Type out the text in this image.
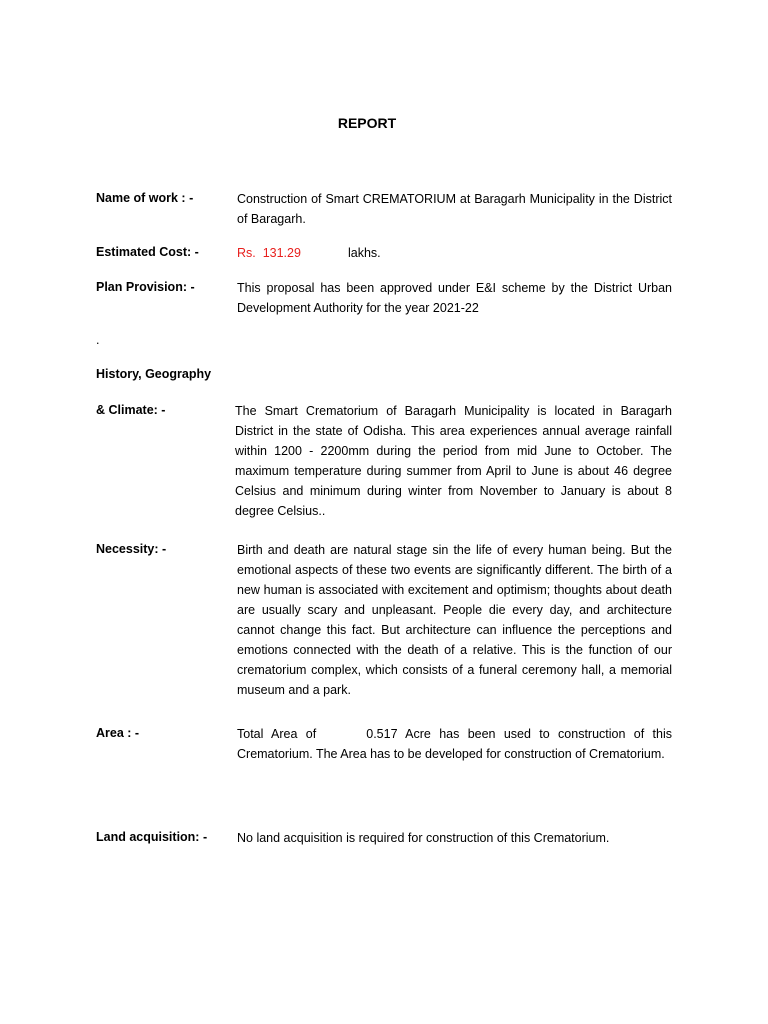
REPORT
Name of work : -	Construction of Smart CREMATORIUM at Baragarh Municipality in the District of Baragarh.
Estimated Cost: -	Rs.  131.29	lakhs.
Plan Provision: -	This proposal has been approved under E&I scheme by the District Urban Development Authority for the year 2021-22
.
History, Geography
& Climate: -	The Smart Crematorium of Baragarh Municipality is located in Baragarh District in the state of Odisha. This area experiences annual average rainfall within 1200 - 2200mm during the period from mid June to October. The maximum temperature during summer from April to June is about 46 degree Celsius and minimum during winter from November to January is about 8 degree Celsius..
Necessity: -	Birth and death are natural stage sin the life of every human being. But the emotional aspects of these two events are significantly different. The birth of a new human is associated with excitement and optimism; thoughts about death are usually scary and unpleasant. People die every day, and architecture cannot change this fact. But architecture can influence the perceptions and emotions connected with the death of a relative. This is the function of our crematorium complex, which consists of a funeral ceremony hall, a memorial museum and a park.
Area : -	Total Area of      0.517 Acre has been used to construction of this Crematorium. The Area has to be developed for construction of Crematorium.
Land acquisition: - No land acquisition is required for construction of this Crematorium.
